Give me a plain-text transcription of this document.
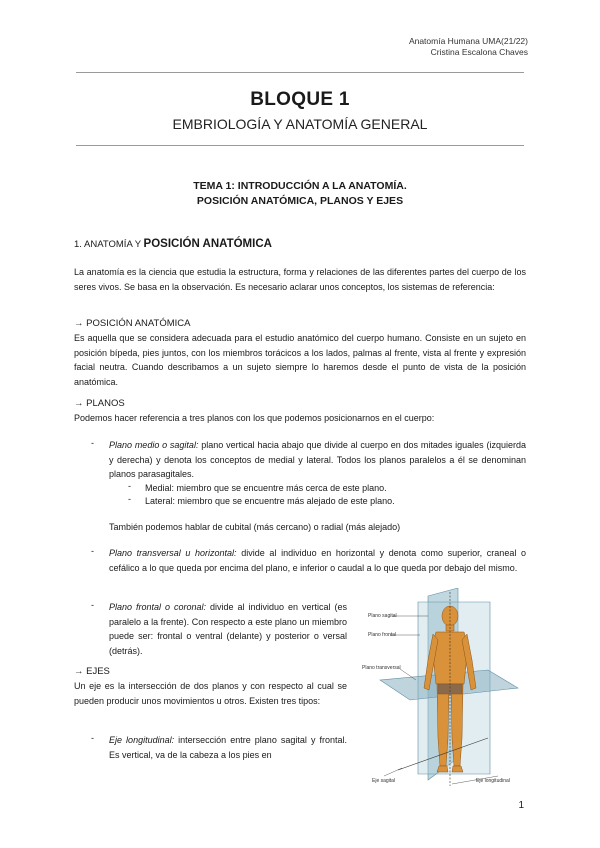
Anatomía Humana UMA(21/22)
Cristina Escalona Chaves
BLOQUE 1
EMBRIOLOGÍA Y ANATOMÍA GENERAL
TEMA 1: INTRODUCCIÓN A LA ANATOMÍA.
POSICIÓN ANATÓMICA, PLANOS Y EJES
1. ANATOMÍA Y POSICIÓN ANATÓMICA
La anatomía es la ciencia que estudia la estructura, forma y relaciones de las diferentes partes del cuerpo de los seres vivos. Se basa en la observación. Es necesario aclarar unos conceptos, los sistemas de referencia:
→ POSICIÓN ANATÓMICA
Es aquella que se considera adecuada para el estudio anatómico del cuerpo humano. Consiste en un sujeto en posición bípeda, pies juntos, con los miembros torácicos a los lados, palmas al frente, vista al frente y expresión facial neutra. Cuando describamos a un sujeto siempre lo haremos desde el punto de vista de la posición anatómica.
→ PLANOS
Podemos hacer referencia a tres planos con los que podemos posicionarnos en el cuerpo:
- Plano medio o sagital: plano vertical hacia abajo que divide al cuerpo en dos mitades iguales (izquierda y derecha) y denota los conceptos de medial y lateral. Todos los planos paralelos a él se denominan planos parasagitales.
- Medial: miembro que se encuentre más cerca de este plano.
- Lateral: miembro que se encuentre más alejado de este plano.
También podemos hablar de cubital (más cercano) o radial (más alejado)
- Plano transversal u horizontal: divide al individuo en horizontal y denota como superior, craneal o cefálico a lo que queda por encima del plano, e inferior o caudal a lo que queda por debajo del mismo.
- Plano frontal o coronal: divide al individuo en vertical (es paralelo a la frente). Con respecto a este plano un miembro puede ser: frontal o ventral (delante) y posterior o versal (detrás).
→ EJES
Un eje es la intersección de dos planos y con respecto al cual se pueden producir unos movimientos u otros. Existen tres tipos:
- Eje longitudinal: intersección entre plano sagital y frontal. Es vertical, va de la cabeza a los pies en
Plano sagital
Plano frontal
Plano transversal
Eje sagital	Eje longitudinal
1
